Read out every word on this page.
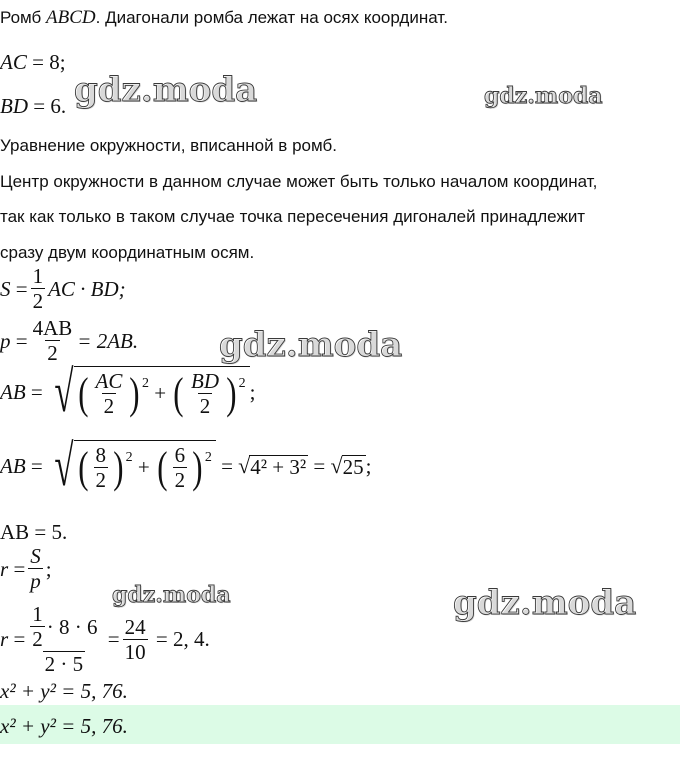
Ромб ABCD. Диагонали ромба лежат на осях координат.
AC = 8;
BD = 6.
Уравнение окружности, вписанной в ромб.
Центр окружности в данном случае может быть только началом координат,
так как только в таком случае точка пересечения дигоналей принадлежит
сразу двум координатным осям.
$S = \frac{1}{2}$ AC · BD;
$p = \frac{4AB}{2} = 2AB$.
AB = √ ( $\frac{AC}{2}$ ) 2 + ( $\frac{BD}{2}$ ) 2 ;
AB = √ ( $\frac{8}{2}$ ) 2 + ( $\frac{6}{2}$ ) 2 = √ 4² + 3² = √ 25 ;
AB = 5.
$r = \frac{S}{p}$ ;
$r = \frac{\frac{1}{2} \cdot 8 \cdot 6}{2 \cdot 5} = \frac{24}{10}$
= 2, 4.
x² + y² = 5, 76.
x² + y² = 5, 76.
gdz.moda	gdz.moda
gdz.moda
gdz.moda	gdz.moda
